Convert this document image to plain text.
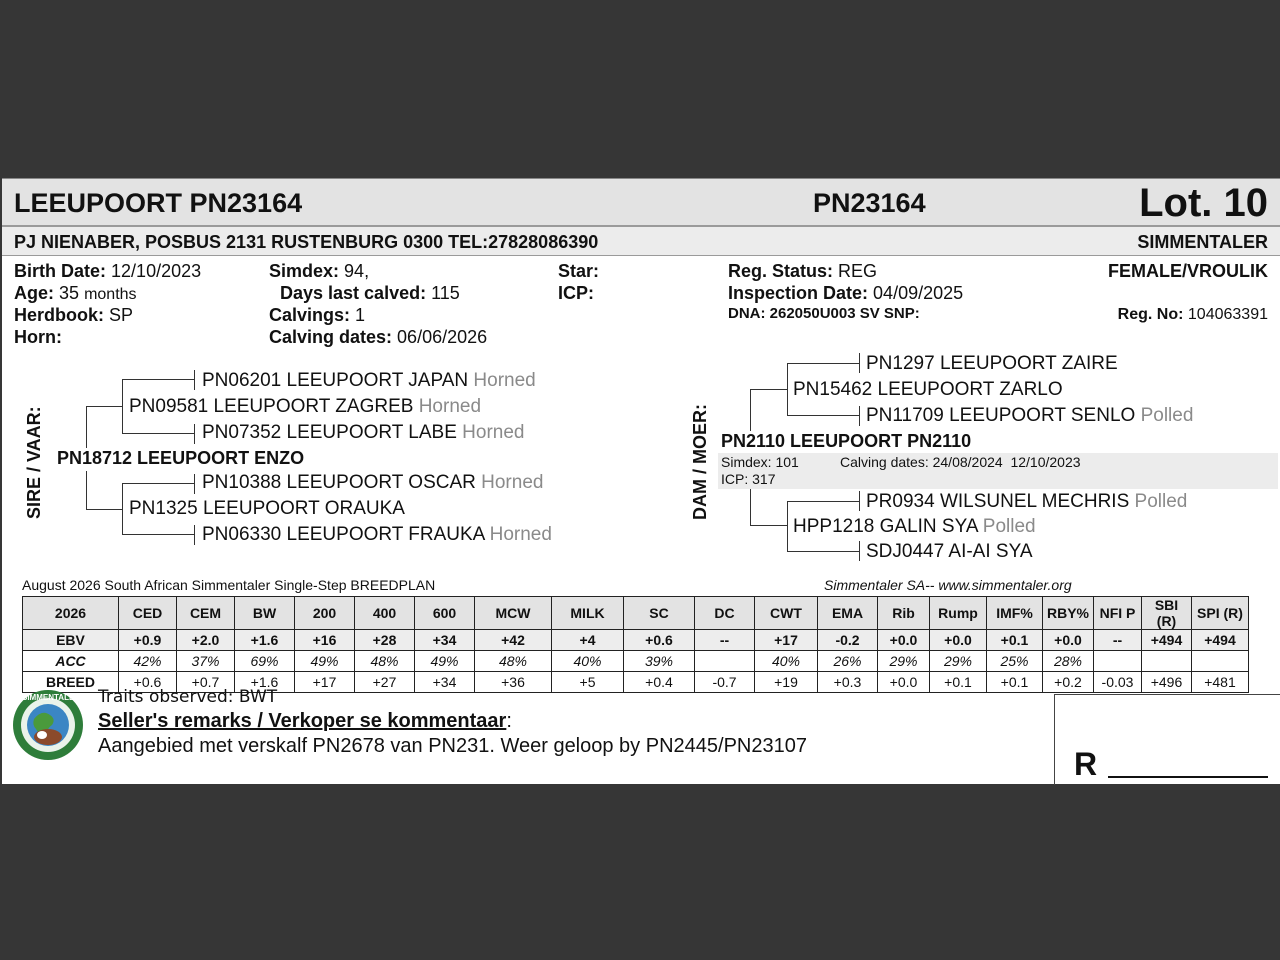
LEEUPOORT PN23164	PN23164	Lot. 10
PJ NIENABER, POSBUS 2131 RUSTENBURG 0300 TEL:27828086390	SIMMENTALER
Birth Date: 12/10/2023
Age: 35 months
Herdbook: SP
Horn:
Simdex: 94,
Days last calved: 115
Calvings: 1
Calving dates: 06/06/2026
Star:
ICP:
Reg. Status: REG
Inspection Date: 04/09/2025
DNA: 262050U003 SV SNP:
FEMALE/VROULIK
Reg. No: 104063391
SIRE / VAAR:
PN06201 LEEUPOORT JAPAN Horned
PN09581 LEEUPOORT ZAGREB Horned
PN07352 LEEUPOORT LABE Horned
PN18712 LEEUPOORT ENZO
PN10388 LEEUPOORT OSCAR Horned
PN1325 LEEUPOORT ORAUKA
PN06330 LEEUPOORT FRAUKA Horned
DAM / MOER:
PN1297 LEEUPOORT ZAIRE
PN15462 LEEUPOORT ZARLO
PN11709 LEEUPOORT SENLO Polled
PN2110 LEEUPOORT PN2110
Simdex: 101	Calving dates: 24/08/2024  12/10/2023
ICP: 317
PR0934 WILSUNEL MECHRIS Polled
HPP1218 GALIN SYA Polled
SDJ0447 AI-AI SYA
August 2026 South African Simmentaler Single-Step BREEDPLAN	Simmentaler SA-- www.simmentaler.org
2026	CED	CEM	BW	200	400	600	MCW	MILK	SC	DC	CWT	EMA	Rib	Rump	IMF%	RBY%	NFI P	SBI (R)	SPI (R)
EBV	+0.9	+2.0	+1.6	+16	+28	+34	+42	+4	+0.6	--	+17	-0.2	+0.0	+0.0	+0.1	+0.0	--	+494	+494
ACC	42%	37%	69%	49%	48%	49%	48%	40%	39%		40%	26%	29%	29%	25%	28%			
BREED	+0.6	+0.7	+1.6	+17	+27	+34	+36	+5	+0.4	-0.7	+19	+0.3	+0.0	+0.1	+0.1	+0.2	-0.03	+496	+481
SIMMENTALER Traits observed: BWT
Seller's remarks / Verkoper se kommentaar:
Aangebied met verskalf PN2678 van PN231. Weer geloop by PN2445/PN23107	R
